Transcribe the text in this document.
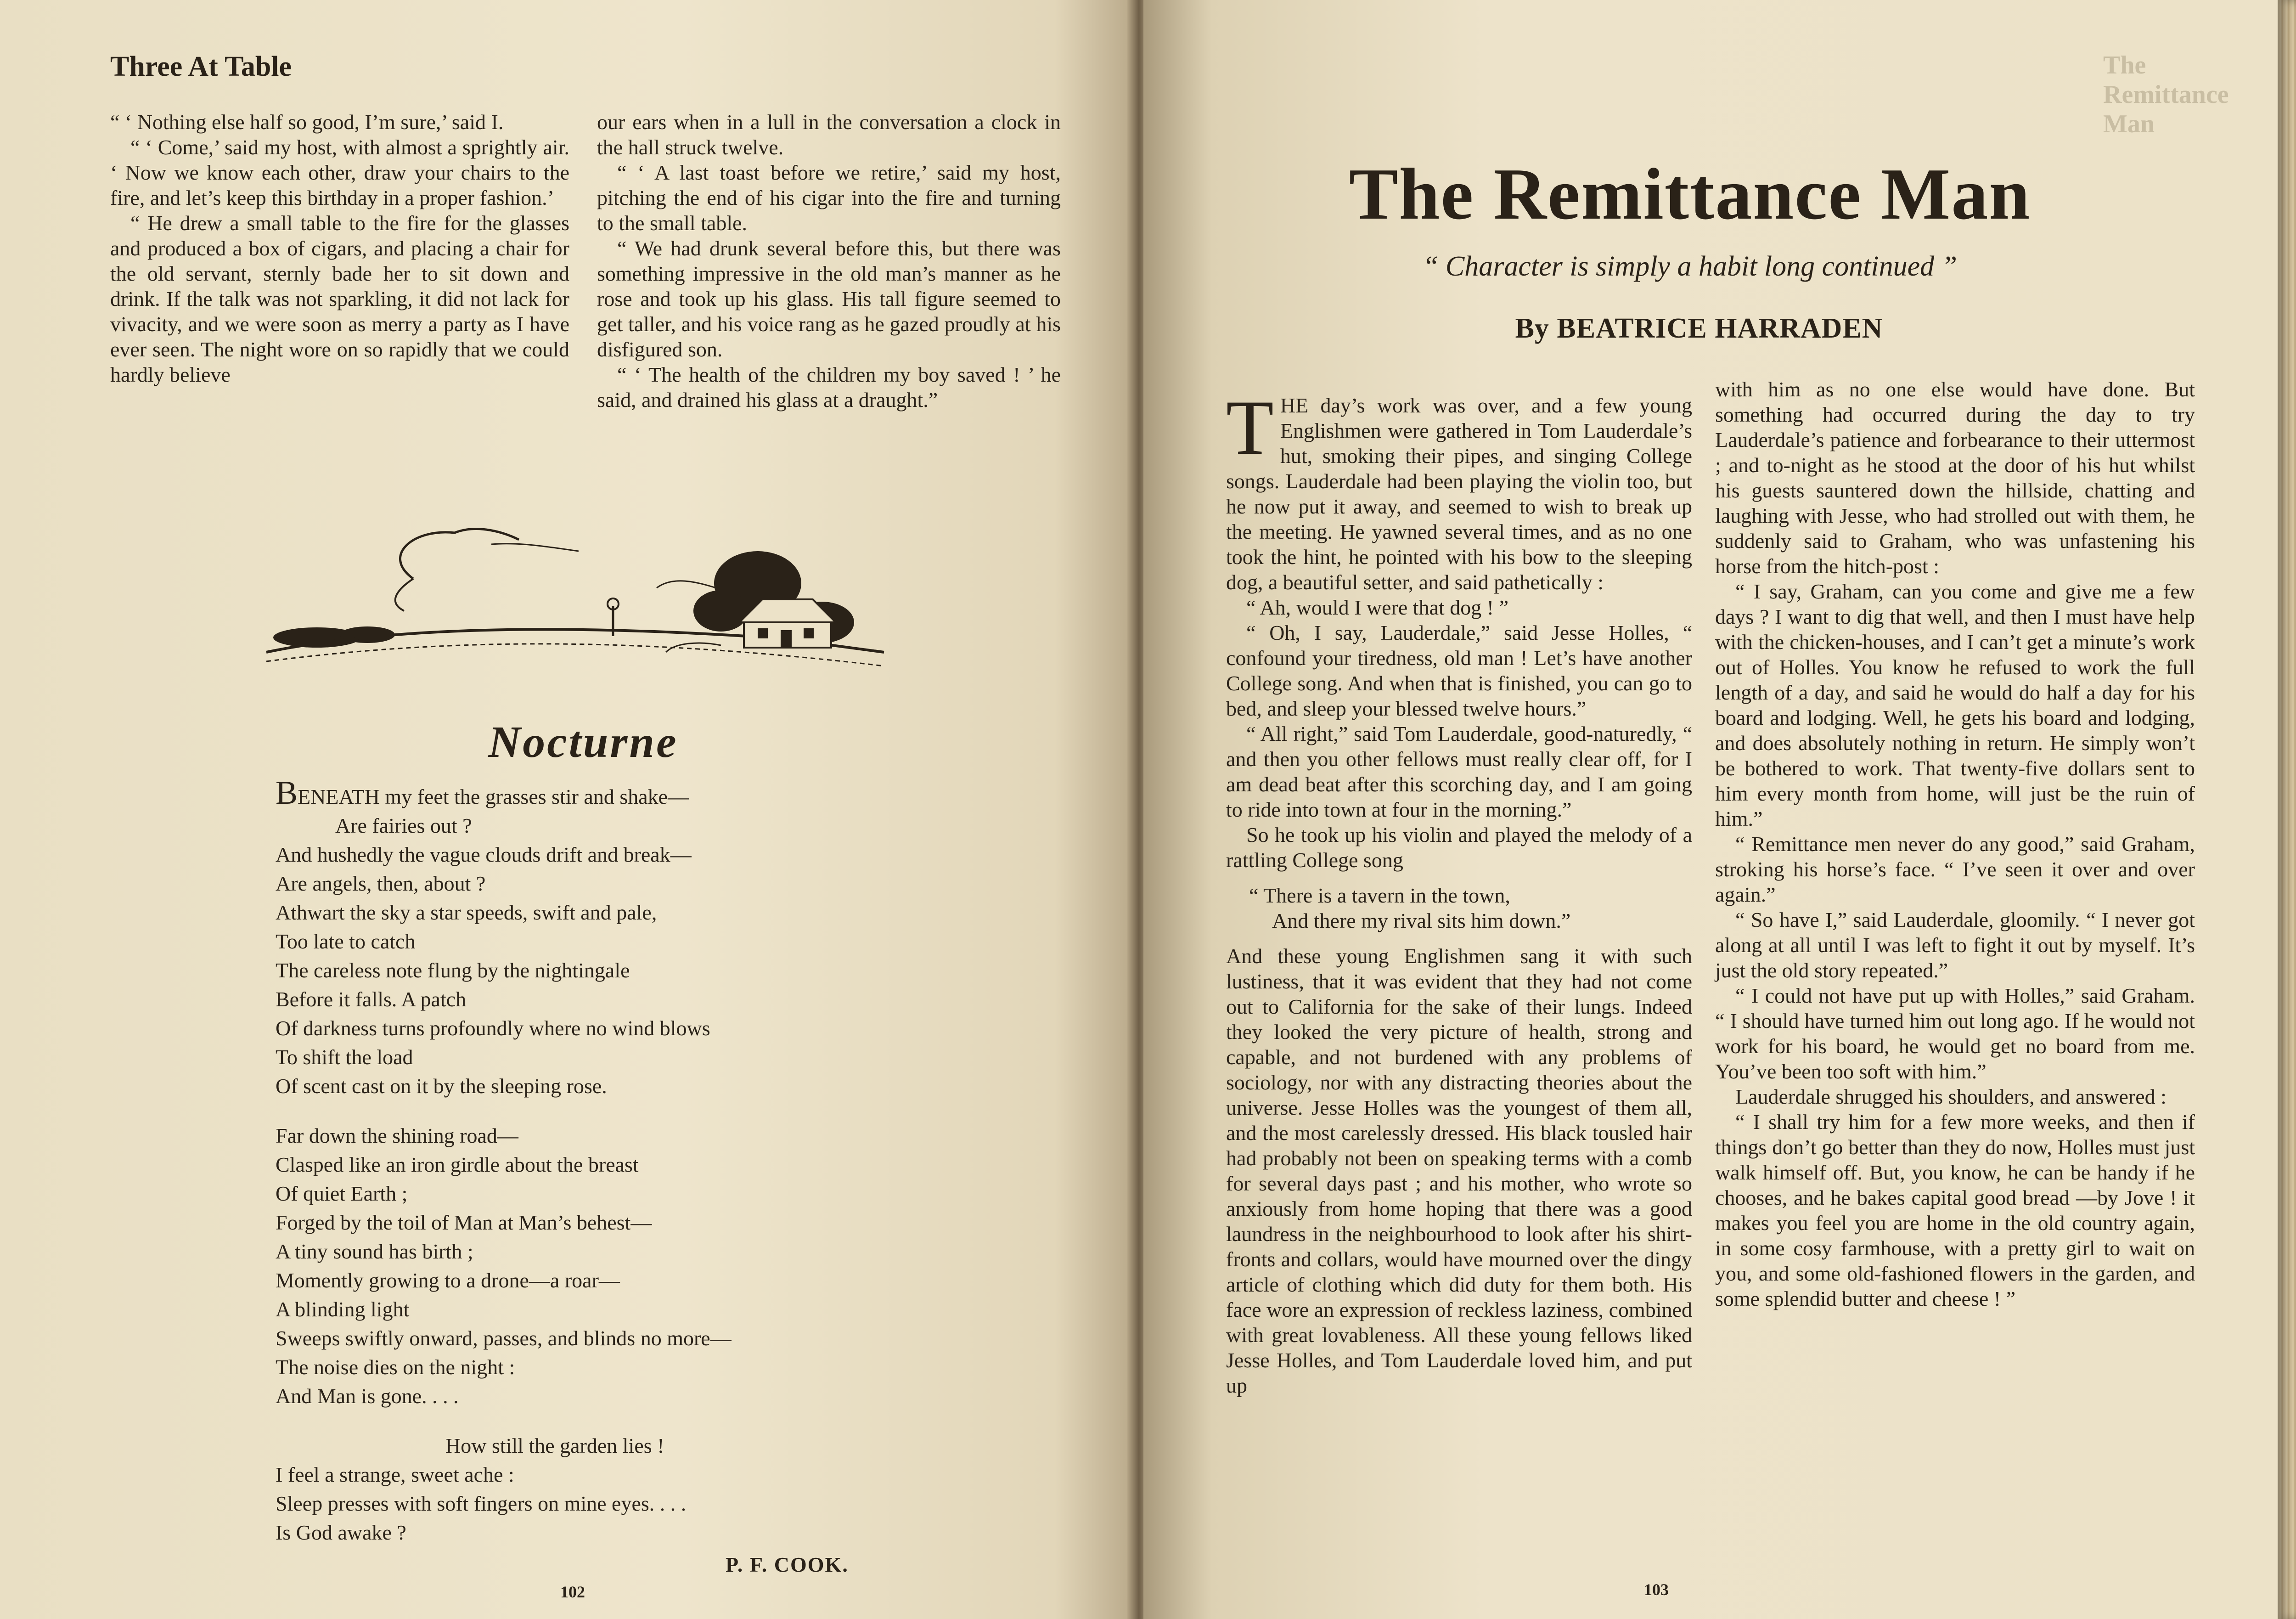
Three At Table

“ ‘ Nothing else half so good, I’m sure,’ said I.

“ ‘ Come,’ said my host, with almost a sprightly air. ‘ Now we know each other, draw your chairs to the fire, and let’s keep this birthday in a proper fashion.’

“ He drew a small table to the fire for the glasses and produced a box of cigars, and placing a chair for the old servant, sternly bade her to sit down and drink. If the talk was not sparkling, it did not lack for vivacity, and we were soon as merry a party as I have ever seen. The night wore on so rapidly that we could hardly believe

our ears when in a lull in the conversation a clock in the hall struck twelve.

“ ‘ A last toast before we retire,’ said my host, pitching the end of his cigar into the fire and turning to the small table.

“ We had drunk several before this, but there was something impressive in the old man’s manner as he rose and took up his glass. His tall figure seemed to get taller, and his voice rang as he gazed proudly at his disfigured son.

“ ‘ The health of the children my boy saved ! ’ he said, and drained his glass at a draught.”

Nocturne
BENEATH my feet the grasses stir and shake—
Are fairies out ?
And hushedly the vague clouds drift and break—
Are angels, then, about ?
Athwart the sky a star speeds, swift and pale,
Too late to catch
The careless note flung by the nightingale
Before it falls. A patch
Of darkness turns profoundly where no wind blows
To shift the load
Of scent cast on it by the sleeping rose.
Far down the shining road—
Clasped like an iron girdle about the breast
Of quiet Earth ;
Forged by the toil of Man at Man’s behest—
A tiny sound has birth ;
Momently growing to a drone—a roar—
A blinding light
Sweeps swiftly onward, passes, and blinds no more—
The noise dies on the night :
And Man is gone. . . .
How still the garden lies !
I feel a strange, sweet ache :
Sleep presses with soft fingers on mine eyes. . . .
Is God awake ?
P. F. COOK.
102
The Remittance Man
The Remittance Man
“ Character is simply a habit long continued ”
By BEATRICE HARRADEN

THE day’s work was over, and a few young Englishmen were gathered in Tom Lauderdale’s hut, smoking their pipes, and singing College songs. Lauderdale had been playing the violin too, but he now put it away, and seemed to wish to break up the meeting. He yawned several times, and as no one took the hint, he pointed with his bow to the sleeping dog, a beautiful setter, and said pathetically :

“ Ah, would I were that dog ! ”

“ Oh, I say, Lauderdale,” said Jesse Holles, “ confound your tiredness, old man ! Let’s have another College song. And when that is finished, you can go to bed, and sleep your blessed twelve hours.”

“ All right,” said Tom Lauderdale, good-naturedly, “ and then you other fellows must really clear off, for I am dead beat after this scorching day, and I am going to ride into town at four in the morning.”

So he took up his violin and played the melody of a rattling College song

“ There is a tavern in the town,
And there my rival sits him down.”

And these young Englishmen sang it with such lustiness, that it was evident that they had not come out to California for the sake of their lungs. Indeed they looked the very picture of health, strong and capable, and not burdened with any problems of sociology, nor with any distracting theories about the universe. Jesse Holles was the youngest of them all, and the most carelessly dressed. His black tousled hair had probably not been on speaking terms with a comb for several days past ; and his mother, who wrote so anxiously from home hoping that there was a good laundress in the neighbourhood to look after his shirt-fronts and collars, would have mourned over the dingy article of clothing which did duty for them both. His face wore an expression of reckless laziness, combined with great lovableness. All these young fellows liked Jesse Holles, and Tom Lauderdale loved him, and put up

with him as no one else would have done. But something had occurred during the day to try Lauderdale’s patience and forbearance to their uttermost ; and to-night as he stood at the door of his hut whilst his guests sauntered down the hillside, chatting and laughing with Jesse, who had strolled out with them, he suddenly said to Graham, who was unfastening his horse from the hitch-post :

“ I say, Graham, can you come and give me a few days ? I want to dig that well, and then I must have help with the chicken-houses, and I can’t get a minute’s work out of Holles. You know he refused to work the full length of a day, and said he would do half a day for his board and lodging. Well, he gets his board and lodging, and does absolutely nothing in return. He simply won’t be bothered to work. That twenty-five dollars sent to him every month from home, will just be the ruin of him.”

“ Remittance men never do any good,” said Graham, stroking his horse’s face. “ I’ve seen it over and over again.”

“ So have I,” said Lauderdale, gloomily. “ I never got along at all until I was left to fight it out by myself. It’s just the old story repeated.”

“ I could not have put up with Holles,” said Graham. “ I should have turned him out long ago. If he would not work for his board, he would get no board from me. You’ve been too soft with him.”

Lauderdale shrugged his shoulders, and answered :

“ I shall try him for a few more weeks, and then if things don’t go better than they do now, Holles must just walk himself off. But, you know, he can be handy if he chooses, and he bakes capital good bread —by Jove ! it makes you feel you are home in the old country again, in some cosy farmhouse, with a pretty girl to wait on you, and some old-fashioned flowers in the garden, and some splendid butter and cheese ! ”

103
